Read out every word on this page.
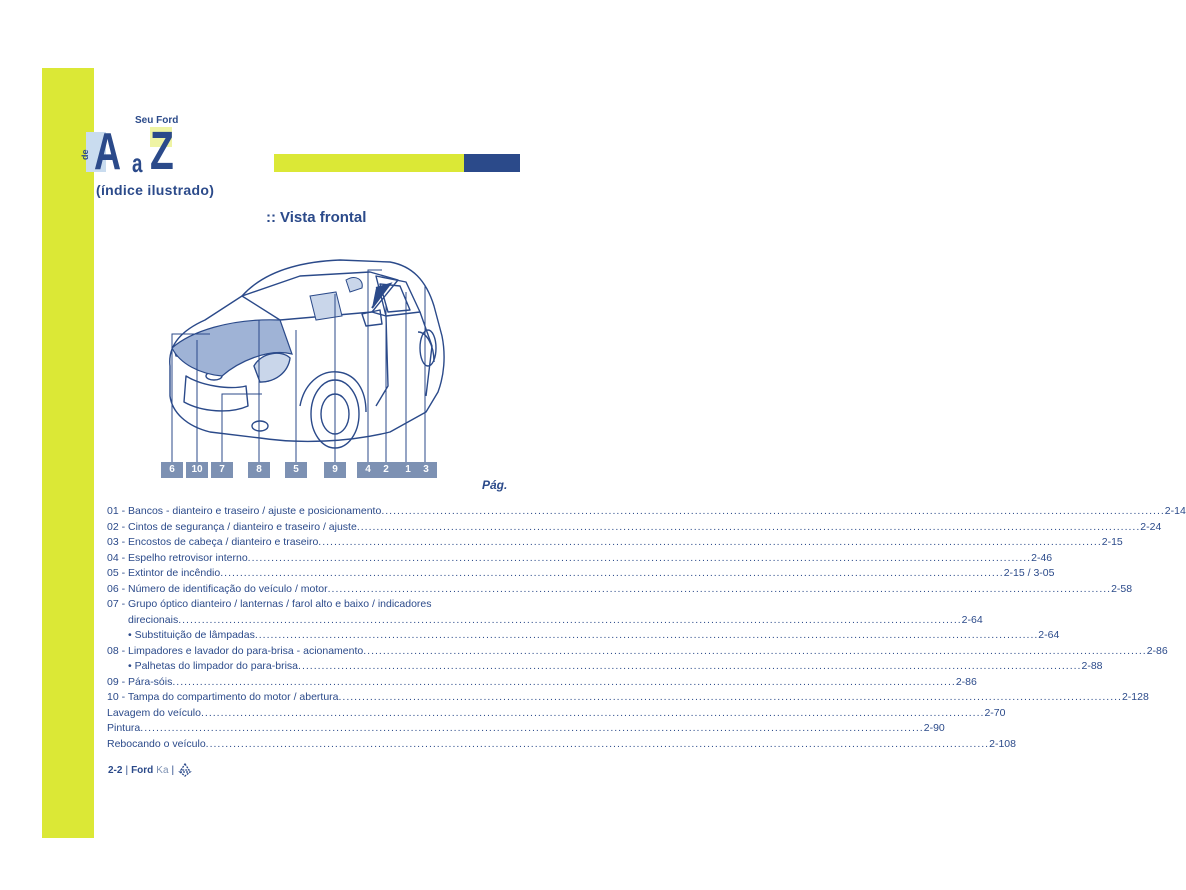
de A a Z
Seu Ford
(índice ilustrado)
:: Vista frontal
6	10	7	8	5	9	4	2	1	3
Pág.
01 - Bancos - dianteiro e traseiro / ajuste e posicionamento ........................................................................................................................................................................................................ 2-14
02 - Cintos de segurança / dianteiro e traseiro / ajuste ........................................................................................................................................................................................................ 2-24
03 - Encostos de cabeça / dianteiro e traseiro ........................................................................................................................................................................................................ 2-15
04 - Espelho retrovisor interno ........................................................................................................................................................................................................ 2-46
05 - Extintor de incêndio ........................................................................................................................................................................................................ 2-15 / 3-05
06 - Número de identificação do veículo / motor ........................................................................................................................................................................................................ 2-58
07 - Grupo óptico dianteiro / lanternas / farol alto e baixo / indicadores
direcionais ........................................................................................................................................................................................................ 2-64
• Substituição de lâmpadas ........................................................................................................................................................................................................ 2-64
08 - Limpadores e lavador do para-brisa - acionamento ........................................................................................................................................................................................................ 2-86
• Palhetas do limpador do para-brisa ........................................................................................................................................................................................................ 2-88
09 - Pára-sóis ........................................................................................................................................................................................................ 2-86
10 - Tampa do compartimento do motor / abertura ........................................................................................................................................................................................................ 2-128
Lavagem do veículo ........................................................................................................................................................................................................ 2-70
Pintura ........................................................................................................................................................................................................ 2-90
Rebocando o veículo ........................................................................................................................................................................................................ 2-108
2-2 | Ford Ka |
